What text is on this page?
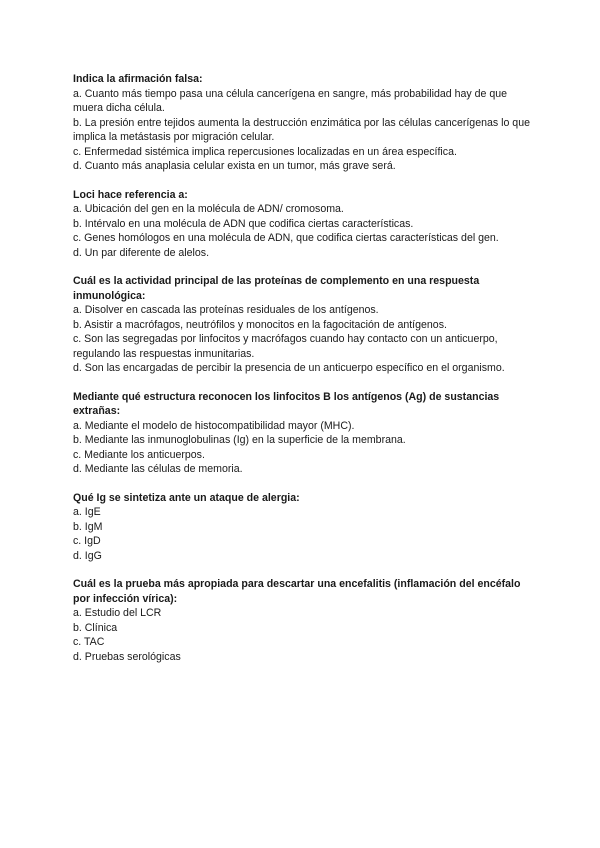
Indica la afirmación falsa:

a. Cuanto más tiempo pasa una célula cancerígena en sangre, más probabilidad hay de que muera dicha célula.

b. La presión entre tejidos aumenta la destrucción enzimática por las células cancerígenas lo que implica la metástasis por migración celular.

c. Enfermedad sistémica implica repercusiones localizadas en un área específica.

d. Cuanto más anaplasia celular exista en un tumor, más grave será.

Loci hace referencia a:

a. Ubicación del gen en la molécula de ADN/ cromosoma.

b. Intérvalo en una molécula de ADN que codifica ciertas características.

c. Genes homólogos en una molécula de ADN, que codifica ciertas características del gen.

d. Un par diferente de alelos.

Cuál es la actividad principal de las proteínas de complemento en una respuesta inmunológica:

a. Disolver en cascada las proteínas residuales de los antígenos.

b. Asistir a macrófagos, neutrófilos y monocitos en la fagocitación de antígenos.

c. Son las segregadas por linfocitos y macrófagos cuando hay contacto con un anticuerpo, regulando las respuestas inmunitarias.

d. Son las encargadas de percibir la presencia de un anticuerpo específico en el organismo.

Mediante qué estructura reconocen los linfocitos B los antígenos (Ag) de sustancias extrañas:

a. Mediante el modelo de histocompatibilidad mayor (MHC).

b. Mediante las inmunoglobulinas (Ig) en la superficie de la membrana.

c. Mediante los anticuerpos.

d. Mediante las células de memoria.

Qué Ig se sintetiza ante un ataque de alergia:

a. IgE

b. IgM

c. IgD

d. IgG

Cuál es la prueba más apropiada para descartar una encefalitis (inflamación del encéfalo por infección vírica):

a. Estudio del LCR

b. Clínica

c. TAC

d. Pruebas serológicas
